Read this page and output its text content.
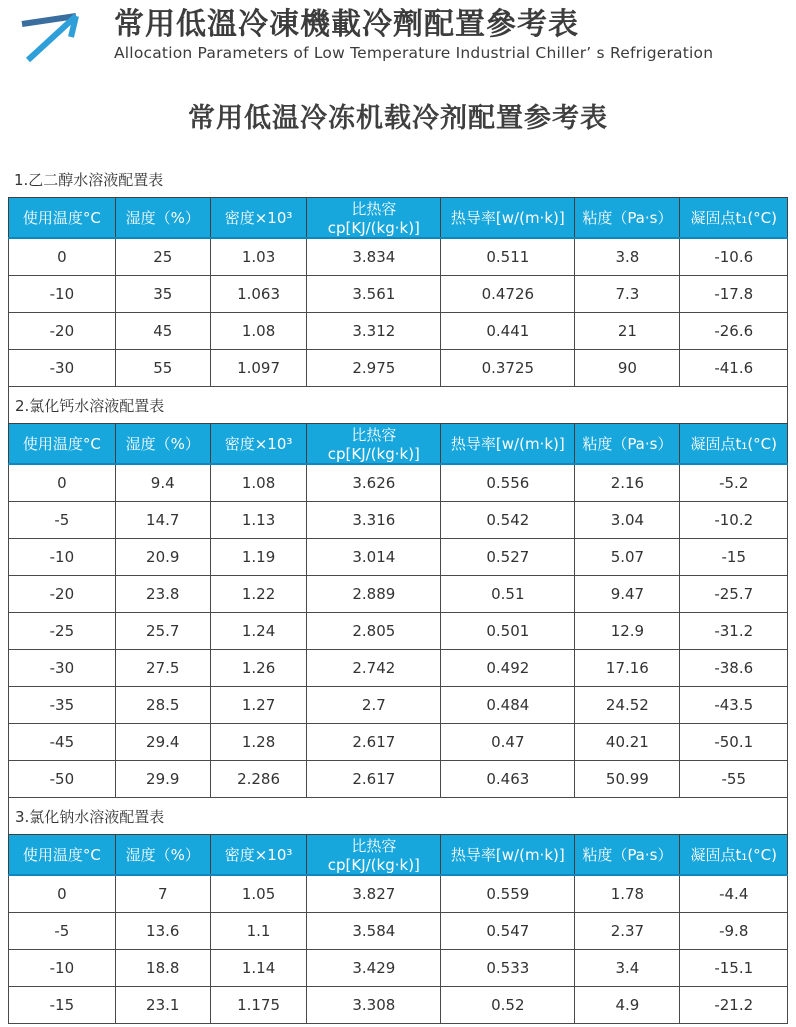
常用低溫冷凍機載冷劑配置參考表
Allocation Parameters of Low Temperature Industrial Chiller’ s Refrigeration
常用低温冷冻机载冷剂配置参考表
1.乙二醇水溶液配置表
使用温度°C	湿度（%）	密度×10³	比热容cp[KJ/(kg·k)]	热导率[w/(m·k)]	粘度（Pa·s）	凝固点t₁(°C)
0	25	1.03	3.834	0.511	3.8	-10.6
-10	35	1.063	3.561	0.4726	7.3	-17.8
-20	45	1.08	3.312	0.441	21	-26.6
-30	55	1.097	2.975	0.3725	90	-41.6
2.氯化钙水溶液配置表
使用温度°C	湿度（%）	密度×10³	比热容cp[KJ/(kg·k)]	热导率[w/(m·k)]	粘度（Pa·s）	凝固点t₁(°C)
0	9.4	1.08	3.626	0.556	2.16	-5.2
-5	14.7	1.13	3.316	0.542	3.04	-10.2
-10	20.9	1.19	3.014	0.527	5.07	-15
-20	23.8	1.22	2.889	0.51	9.47	-25.7
-25	25.7	1.24	2.805	0.501	12.9	-31.2
-30	27.5	1.26	2.742	0.492	17.16	-38.6
-35	28.5	1.27	2.7	0.484	24.52	-43.5
-45	29.4	1.28	2.617	0.47	40.21	-50.1
-50	29.9	2.286	2.617	0.463	50.99	-55
3.氯化钠水溶液配置表
使用温度°C	湿度（%）	密度×10³	比热容cp[KJ/(kg·k)]	热导率[w/(m·k)]	粘度（Pa·s）	凝固点t₁(°C)
0	7	1.05	3.827	0.559	1.78	-4.4
-5	13.6	1.1	3.584	0.547	2.37	-9.8
-10	18.8	1.14	3.429	0.533	3.4	-15.1
-15	23.1	1.175	3.308	0.52	4.9	-21.2
